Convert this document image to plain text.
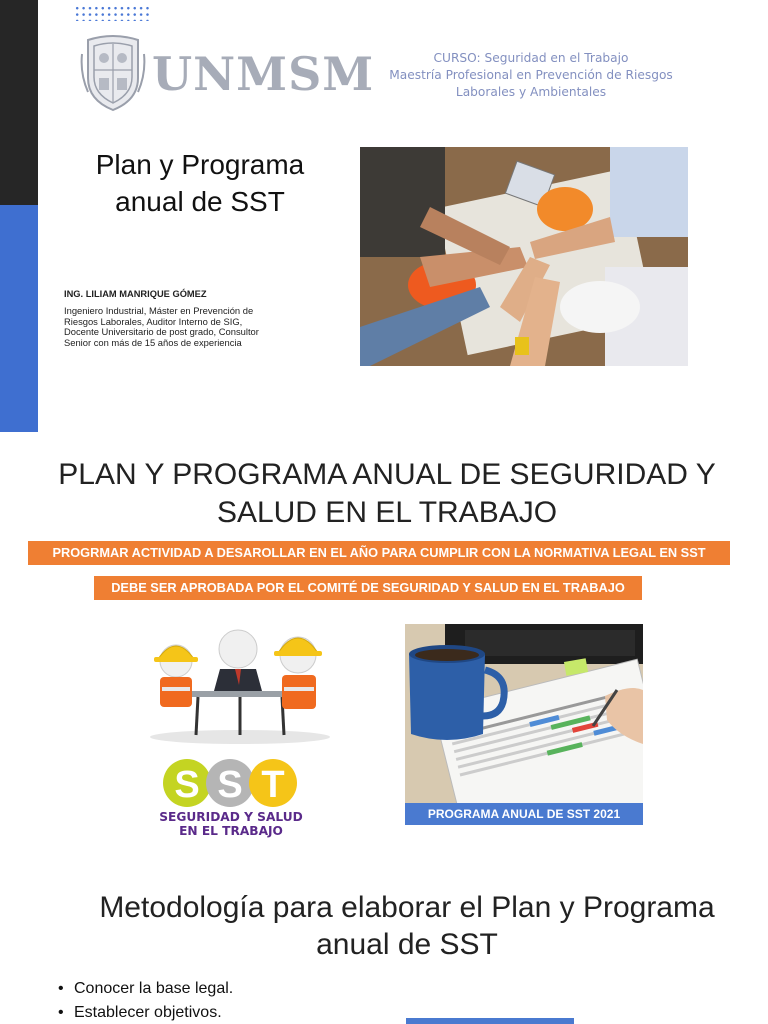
UNMSM	CURSO: Seguridad en el Trabajo
Maestría Profesional en Prevención de Riesgos
Laborales y Ambientales
Plan y Programa
anual de SST
ING. LILIAM MANRIQUE GÓMEZ
Ingeniero Industrial, Máster en Prevención de
Riesgos Laborales, Auditor Interno de SIG,
Docente Universitario de post grado, Consultor
Senior con más de 15 años de experiencia
PLAN Y PROGRAMA ANUAL DE SEGURIDAD Y
SALUD EN EL TRABAJO
PROGRMAR ACTIVIDAD A DESAROLLAR EN EL AÑO PARA CUMPLIR CON LA NORMATIVA LEGAL EN SST
DEBE SER APROBADA POR EL COMITÉ DE SEGURIDAD Y SALUD EN EL TRABAJO
S S T
SEGURIDAD Y SALUD
EN EL TRABAJO
plan
PROGRAMA ANUAL DE SST 2021
Metodología para elaborar el Plan y Programa
anual de SST
• Conocer la base legal.
• Establecer objetivos.
